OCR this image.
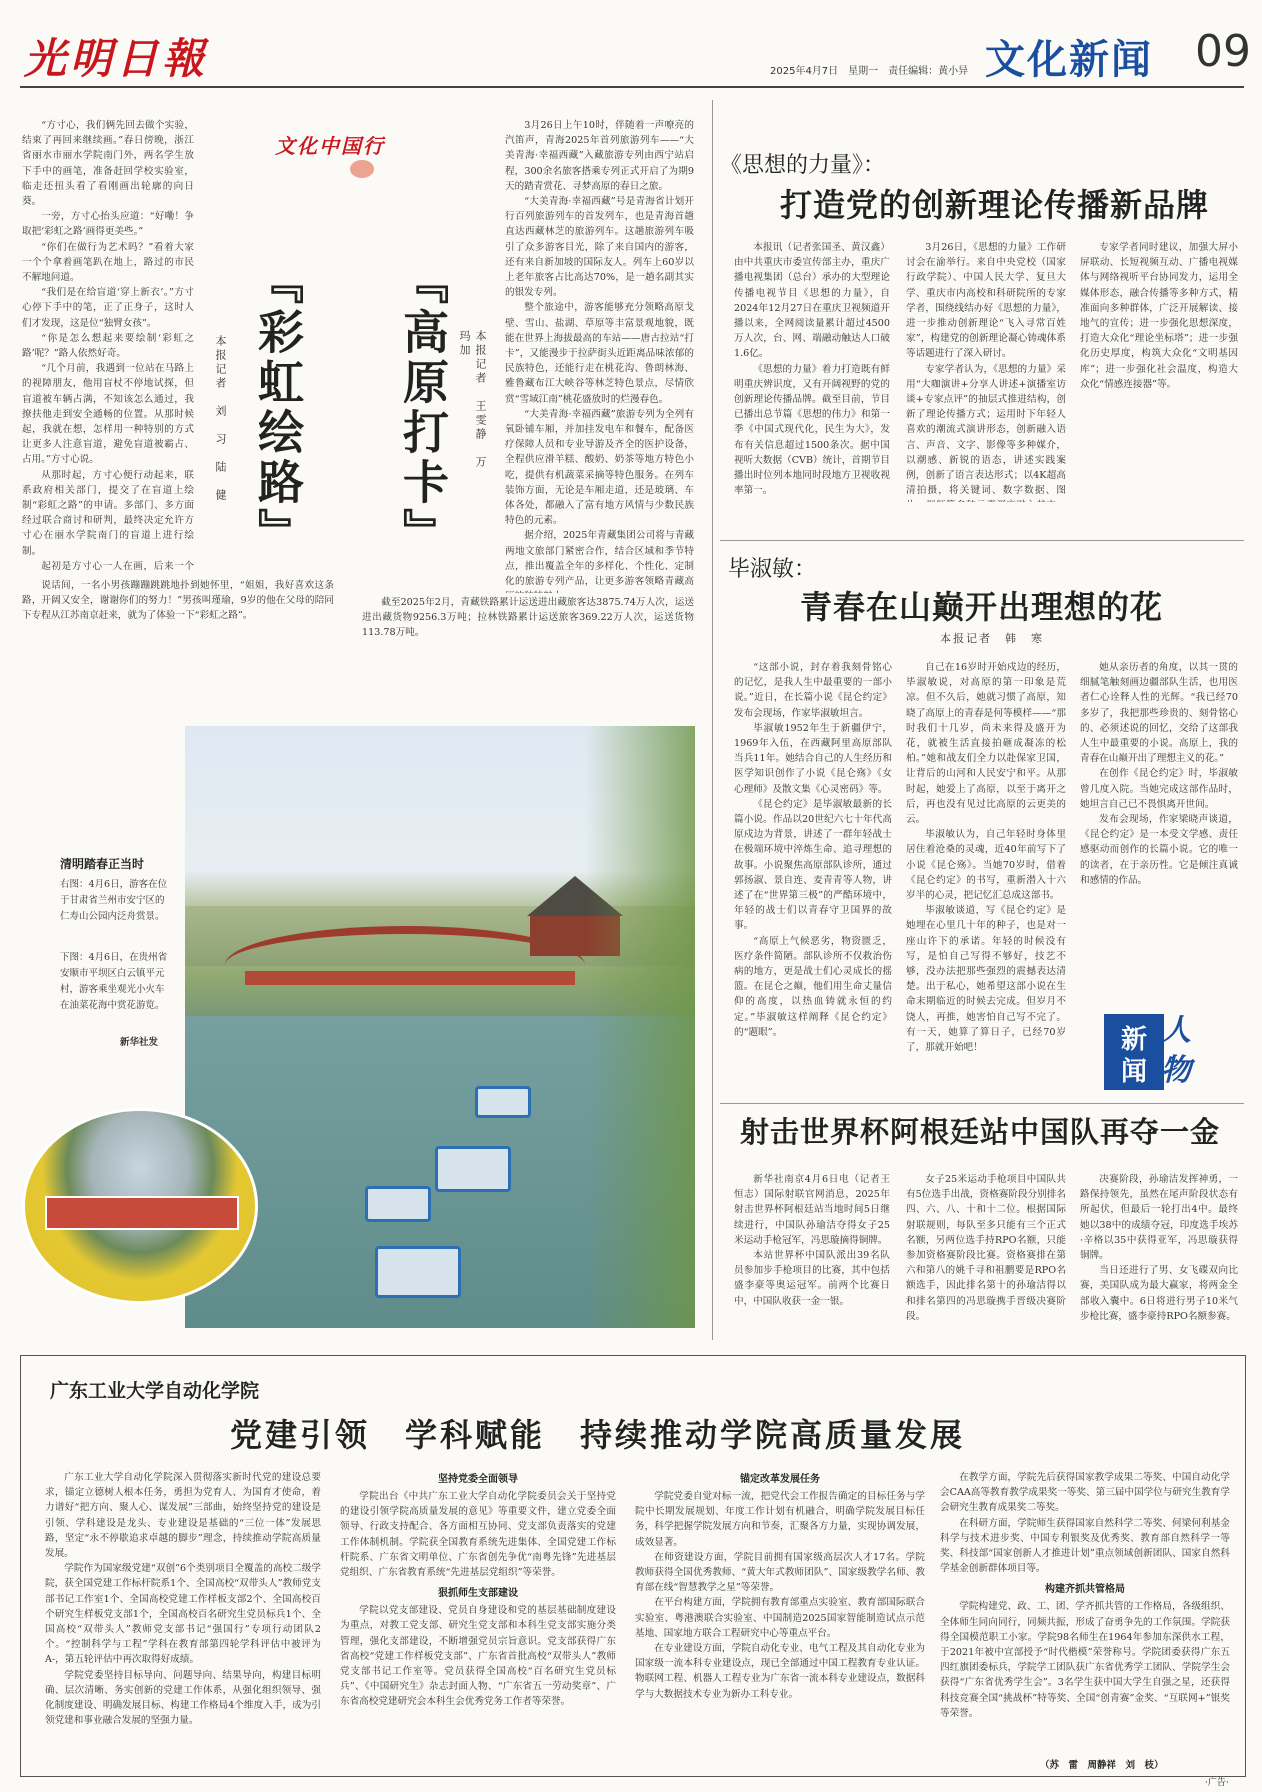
光明日報	2025年4月7日　星期一　责任编辑：黄小异 文化新闻 09

“方寸心，我们俩先回去做个实验，结束了再回来继续画。”春日傍晚，浙江省丽水市丽水学院南门外，两名学生放下手中的画笔，准备赶回学校实验室，临走还扭头看了看刚画出轮廓的向日葵。

一旁，方寸心抬头应道：“好嘞！争取把‘彩虹之路’画得更美些。”

“你们在做行为艺术吗？”看着大家一个个拿着画笔趴在地上，路过的市民不解地问道。

“我们是在给盲道‘穿上新衣’。”方寸心停下手中的笔，正了正身子，这时人们才发现，这是位“独臂女孩”。

“你是怎么想起来要绘制‘彩虹之路’呢？”路人依然好奇。

“几个月前，我遇到一位站在马路上的视障朋友，他用盲杖不停地试探，但盲道被车辆占满，不知该怎么通过，我撩扶他走到安全通畅的位置。从那时候起，我就在想，怎样用一种特别的方式让更多人注意盲道，避免盲道被霸占、占用。”方寸心说。

从那时起，方寸心便行动起来，联系政府相关部门，提交了在盲道上绘制“彩虹之路”的申请。多部门、多方面经过联合商讨和研判，最终决定允许方寸心在丽水学院南门的盲道上进行绘制。

起初是方寸心一人在画，后来一个

文化中国行
『彩虹绘路』
本报记者　刘　习　陆　健

说话间，一名小男孩蹦蹦跳跳地扑到她怀里，“姐姐，我好喜欢这条路，开阔又安全，谢谢你们的努力！”男孩叫瑾瑜，9岁的他在父母的陪同下专程从江苏南京赶来，就为了体验一下“彩虹之路”。

『高原打卡』	本报记者　王雯静　万玛加

3月26日上午10时，伴随着一声嘹亮的汽笛声，青海2025年首列旅游列车——“大美青海·幸福西藏”入藏旅游专列由西宁站启程，300余名旅客搭乘专列正式开启了为期9天的踏青赏花、寻梦高原的春日之旅。

“大美青海·幸福西藏”号是青海省计划开行百列旅游列车的首发列车，也是青海首趟直达西藏林芝的旅游列车。这趟旅游列车吸引了众多游客目光，除了来自国内的游客，还有来自新加坡的国际友人。列车上60岁以上老年旅客占比高达70%，是一趟名副其实的银发专列。

整个旅途中，游客能够充分领略高原戈壁、雪山、盐湖、草原等丰富景观地貌，既能在世界上海拔最高的车站——唐古拉站“打卡”，又能漫步于拉萨街头近距离品味浓郁的民族特色，还能行走在桃花沟、鲁朗林海、雅鲁藏布江大峡谷等林芝特色景点，尽情欣赏“雪域江南”桃花盛放时的烂漫春色。

“大美青海·幸福西藏”旅游专列为全列有氧卧铺车厢，并加挂发电车和餐车，配备医疗保障人员和专业导游及齐全的医护设备，全程供应滑羊糕、酸奶、奶茶等地方特色小吃，提供有机蔬菜采摘等特色服务。在列车装饰方面，无论是车厢走道，还是玻璃、车体各处，都融入了富有地方风情与少数民族特色的元素。

据介绍，2025年青藏集团公司将与青藏两地文旅部门紧密合作，结合区域和季节特点，推出覆盖全年的多样化、个性化、定制化的旅游专列产品，让更多游客领略青藏高

截至2025年2月，青藏铁路累计运送进出藏旅客达3875.74万人次，运送进出藏货物9256.3万吨；拉林铁路累计运送旅客369.22万人次，运送货物113.78万吨。

清明踏春正当时
右图：4月6日，游客在位于甘肃省兰州市安宁区的仁寿山公园内泛舟赏景。
下图：4月6日，在贵州省安顺市平坝区白云镇平元村，游客乘坐观光小火车在油菜花海中赏花游览。
新华社发
《思想的力量》：
打造党的创新理论传播新品牌

本报讯（记者张国圣、黄汉鑫）由中共重庆市委宣传部主办，重庆广播电视集团（总台）承办的大型理论传播电视节目《思想的力量》，自2024年12月27日在重庆卫视频道开播以来，全网阅读量累计超过4500万人次，台、网、端融动触达人口破1.6亿。

《思想的力量》着力打造既有鲜明重庆辨识度，又有开阔视野的党的创新理论传播品牌。截至目前，节目已播出总节篇《思想的伟力》和第一季《中国式现代化，民生为大》，发布有关信息超过1500条次。据中国视听大数据（CVB）统计，首期节目播出时位列本地同时段地方卫视收视率第一。

3月26日，《思想的力量》工作研讨会在渝举行。来自中央党校（国家行政学院）、中国人民大学、复旦大学、重庆市内高校和科研院所的专家学者，围绕线结办好《思想的力量》，进一步推动创新理论“飞入寻常百姓家”，构建党的创新理论凝心铸魂体系等话题进行了深入研讨。

专家学者认为，《思想的力量》采用“大咖演讲+分享人讲述+演播室访谈+专家点评”的抽层式推进结构，创新了理论传播方式；运用时下年轻人喜欢的潮流式演讲形态，创新融入语言、声音、文字、影像等多种媒介，以潮感、新锐的语态，讲述实践案例，创新了语言表达形式；以4K超高清拍摄，将关键词、数字数据、图

专家学者同时建议，加强大屏小屏联动、长短视频互动、广播电视媒体与网络视听平台协同发力，运用全媒体形态，融合传播等多种方式，精准面向多种群体，广泛开展解读、接地气的宣传；进一步强化思想深度，打造大众化“理论坐标塔”；进一步强化历史厚度，构筑大众化“文明基因库”；进一步强化社会温度，构造大众化“情感连接器”等。

毕淑敏：
青春在山巅开出理想的花
本报记者　韩　寒

“这部小说，封存着我刻骨铭心的记忆，是我人生中最重要的一部小说。”近日，在长篇小说《昆仑约定》发布会现场，作家毕淑敏坦言。

毕淑敏1952年生于新疆伊宁，1969年入伍，在西藏阿里高原部队当兵11年。她结合自己的人生经历和医学知识创作了小说《昆仑殇》《女心理师》及散文集《心灵密码》等。

《昆仑约定》是毕淑敏最新的长篇小说。作品以20世纪六七十年代高原戍边为背景，讲述了一群年轻战士在极端环境中淬炼生命、追寻理想的故事。小说聚焦高原部队诊所，通过郭扬淑、景自连、麦青青等人物，讲述了在“世界第三极”的严酷环境中，年轻的战士们以青春守卫国界的故事。

“高原上气候恶劣，物资匮乏，医疗条件简陋。部队诊所不仅救治伤病的地方，更是战士们心灵成长的摇篮。在昆仑之巅，他们用生命丈量信仰的高度，以热血铸就永恒的约定。”毕淑敏这样阐释《昆仑约定》的“题眼”。

自己在16岁时开始戍边的经历，毕淑敏说，对高原的第一印象是荒凉。但不久后，她就习惯了高原，知晓了高原上的青春是何等模样——“那时我们十几岁，尚未来得及盛开为花，就被生活直接拍砸成凝冻的松柏。”她和战友们全力以赴保家卫国，让背后的山河和人民安宁和平。从那时起，她爱上了高原，以至于离开之后，再也没有见过比高原的云更美的云。

毕淑敏认为，自己年轻时身体里居住着沧桑的灵魂，近40年前写下了小说《昆仑殇》。当她70岁时，借着《昆仑约定》的书写，重新潜入十六岁半的心灵，把记忆汇总成这部书。

毕淑敏谈道，写《昆仑约定》是她埋在心里几十年的种子，也是对一座山许下的承诺。年轻的时候没有写，是怕自己写得不够好，技艺不够，没办法把那些强烈的震撼表达清楚。出于私心，她希望这部小说在生命末期临近的时候去完成。但岁月不饶人，再推，她害怕自己写不完了。有一天，她算了算日子，已经70岁了，那就开始吧！

她从亲历者的角度，以其一贯的细腻笔触刻画边疆部队生活，也用医者仁心诠释人性的光辉。“我已经70多岁了，我把那些珍贵的、刻骨铭心的、必须述说的回忆，交给了这部我人生中最重要的小说。高原上，我的青春在山巅开出了理想主义的花。”

在创作《昆仑约定》时，毕淑敏曾几度入院。当她完成这部作品时，她坦言自己已不畏惧离开世间。

发布会现场，作家梁晓声谈道，《昆仑约定》是一本受文学感、责任感驱动而创作的长篇小说。它的唯一的读者，在于亲历性。它是倾注真诚和感情的作品。

新
闻
人
物
射击世界杯阿根廷站中国队再夺一金

新华社南京4月6日电（记者王恒志）国际射联官网消息，2025年射击世界杯阿根廷站当地时间5日继续进行，中国队孙瑜洁夺得女子25米运动手枪冠军，冯思璇摘得铜牌。

本站世界杯中国队派出39名队员参加步手枪项目的比赛，其中包括盛李豪等奥运冠军。前两个比赛日中，中国队收获一金一银。

女子25米运动手枪项目中国队共有5位选手出战，资格赛阶段分别排名四、六、八、十和十二位。根据国际射联规则，每队至多只能有三个正式名额，另两位选手持RPO名额，只能参加资格赛阶段比赛。资格赛排在第六和第八的姚千寻和祖鹏要是RPO名额选手，因此排名第十的孙瑜洁得以和排名第四的冯思璇携手晋级决赛阶段。

决赛阶段，孙瑜洁发挥神勇，一路保持领先，虽然在尾声阶段状态有所起伏，但最后一轮打出4中。最终她以38中的成绩夺冠，印度选手埃苏·辛格以35中获得亚军，冯思璇获得铜牌。

当日还进行了男、女飞碟双向比赛，美国队成为最大赢家，将两金全部收入囊中。6日将进行男子10米气步枪比赛，盛李豪持RPO名额参赛。

广东工业大学自动化学院
党建引领　学科赋能　持续推动学院高质量发展

广东工业大学自动化学院深入贯彻落实新时代党的建设总要求，锚定立德树人根本任务，勇担为党育人、为国育才使命，着力谱好“把方向、聚人心、谋发展”三部曲，始终坚持党的建设是引领、学科建设是龙头、专业建设是基础的“三位一体”发展思路，坚定“永不停歇追求卓越的脚步”理念，持续推动学院高质量发展。

学院作为国家级党建“双创”6个类别项目全覆盖的高校二级学院，获全国党建工作标杆院系1个、全国高校“双带头人”教师党支部书记工作室1个、全国高校党建工作样板支部2个、全国高校百个研究生样板党支部1个，全国高校百名研究生党员标兵1个、全国高校“双带头人”教师党支部书记“强国行”专项行动团队2个。“控制科学与工程”学科在教育部第四轮学科评估中被评为A-，第五轮评估中再次取得好成绩。

学院党委坚持目标导向、问题导向、结果导向，构建目标明确、层次清晰、务实创新的党建工作体系，从强化组织领导、强化制度建设、明确发展目标、构建工作格局4个维度入手，成为引领党建和事业融合发展的坚强力量。

坚持党委全面领导

学院出台《中共广东工业大学自动化学院委员会关于坚持党的建设引领学院高质量发展的意见》等重要文件，建立党委全面领导、行政支持配合、各方面相互协同、党支部负责落实的党建工作体制机制。学院获全国教育系统先进集体、全国党建工作标杆院系、广东省文明单位、广东省创先争优“南粤先锋”先进基层党组织、广东省教育系统“先进基层党组织”等荣誉。

狠抓师生支部建设

学院以党支部建设、党员自身建设和党的基层基础制度建设为重点，对教工党支部、研究生党支部和本科生党支部实施分类管理，强化支部建设，不断增强党员宗旨意识。党支部获得广东省高校“党建工作样板党支部”、广东省首批高校“双带头人”教师党支部书记工作室等。党员获得全国高校“百名研究生党员标兵”、《中国研究生》杂志封面人物、“广东省五一劳动奖章”、广东省高校党建研究会本科生会优秀党务工作者等荣誉。

锚定改革发展任务

学院党委自觉对标一流，把党代会工作报告确定的目标任务与学院中长期发展规划、年度工作计划有机融合，明确学院发展目标任务，科学把握学院发展方向和节奏，汇聚各方力量，实现协调发展，成效显著。

在师资建设方面，学院目前拥有国家级高层次人才17名。学院教师获得全国优秀教师、“黄大年式教师团队”、国家级教学名师、教育部在线“智慧教学之星”等荣誉。

在平台构建方面，学院拥有教育部重点实验室、教育部国际联合实验室、粤港澳联合实验室、中国制造2025国家智能制造试点示范基地、国家地方联合工程研究中心等重点平台。

在专业建设方面，学院自动化专业、电气工程及其自动化专业为国家级一流本科专业建设点，现已全部通过中国工程教育专业认证。物联网工程、机器人工程专业为广东省一流本科专业建设点，数据科学与大数据技术专业为新办工科专业。

在教学方面，学院先后获得国家教学成果二等奖、中国自动化学会CAA高等教育教学成果奖一等奖、第三届中国学位与研究生教育学会研究生教育成果奖二等奖。

在科研方面，学院师生获得国家自然科学二等奖、何梁何利基金科学与技术进步奖、中国专利银奖及优秀奖、教育部自然科学一等奖、科技部“国家创新人才推进计划”重点领域创新团队、国家自然科学基金创新群体项目等。

构建齐抓共管格局

学院构建党、政、工、团、学齐抓共管的工作格局，各级组织、全体师生同向同行，同频共振，形成了奋勇争先的工作氛围。学院获得全国模范职工小家。学院98名师生在1964年参加东深供水工程，于2021年被中宣部授予“时代楷模”荣誉称号。学院团委获得广东五四红旗团委标兵，学院学工团队获广东省优秀学工团队、学院学生会获得“广东省优秀学生会”。3名学生获中国大学生自强之星，还获得科技竞赛全国“挑战杯”特等奖、全国“创青赛”金奖、“互联网+”银奖等荣誉。

（苏　雷　周静祥　刘　枝）
·广告·
